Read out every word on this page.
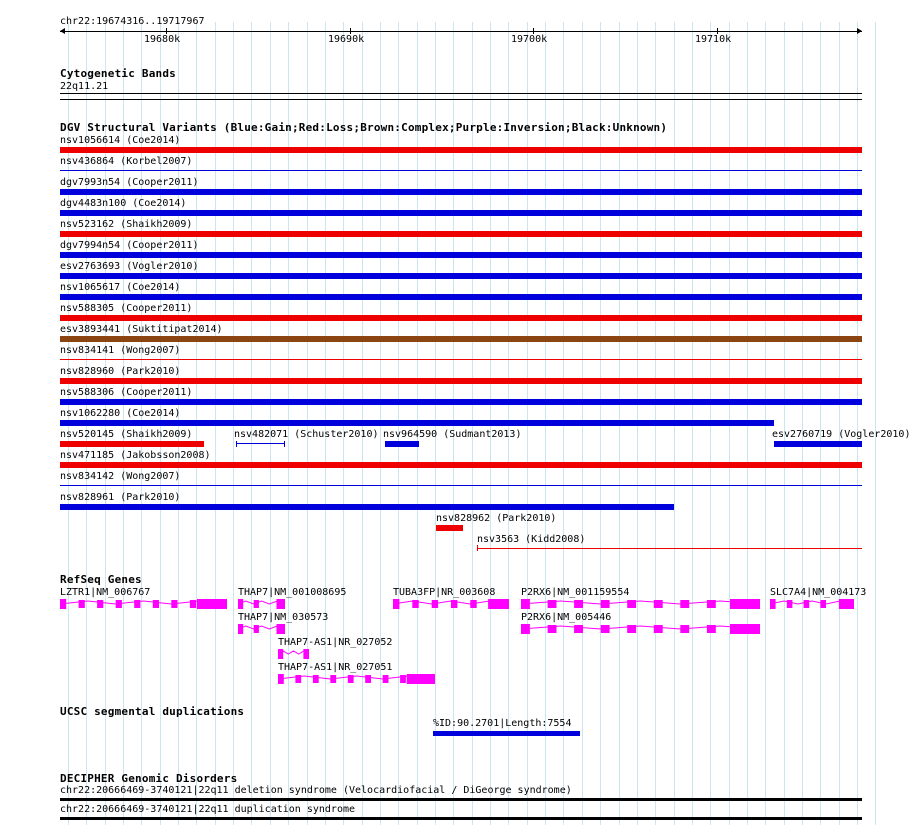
chr22:19674316..19717967
19680k	19690k	19700k	19710k
Cytogenetic Bands
22q11.21
DGV Structural Variants (Blue:Gain;Red:Loss;Brown:Complex;Purple:Inversion;Black:Unknown)
nsv1056614 (Coe2014)
nsv436864 (Korbel2007)
dgv7993n54 (Cooper2011)
dgv4483n100 (Coe2014)
nsv523162 (Shaikh2009)
dgv7994n54 (Cooper2011)
esv2763693 (Vogler2010)
nsv1065617 (Coe2014)
nsv588305 (Cooper2011)
esv3893441 (Suktitipat2014)
nsv834141 (Wong2007)
nsv828960 (Park2010)
nsv588306 (Cooper2011)
nsv1062280 (Coe2014)
nsv520145 (Shaikh2009)	nsv482071 (Schuster2010) nsv964590 (Sudmant2013)	esv2760719 (Vogler2010)
nsv471185 (Jakobsson2008)
nsv834142 (Wong2007)
nsv828961 (Park2010)
nsv828962 (Park2010)
nsv3563 (Kidd2008)
RefSeq Genes
LZTR1|NM_006767	THAP7|NM_001008695	TUBA3FP|NR_003608	P2RX6|NM_001159554	SLC7A4|NM_004173
THAP7|NM_030573	P2RX6|NM_005446
THAP7-AS1|NR_027052
THAP7-AS1|NR_027051
UCSC segmental duplications
%ID:90.2701|Length:7554
DECIPHER Genomic Disorders
chr22:20666469-3740121|22q11 deletion syndrome (Velocardiofacial / DiGeorge syndrome)
chr22:20666469-3740121|22q11 duplication syndrome
